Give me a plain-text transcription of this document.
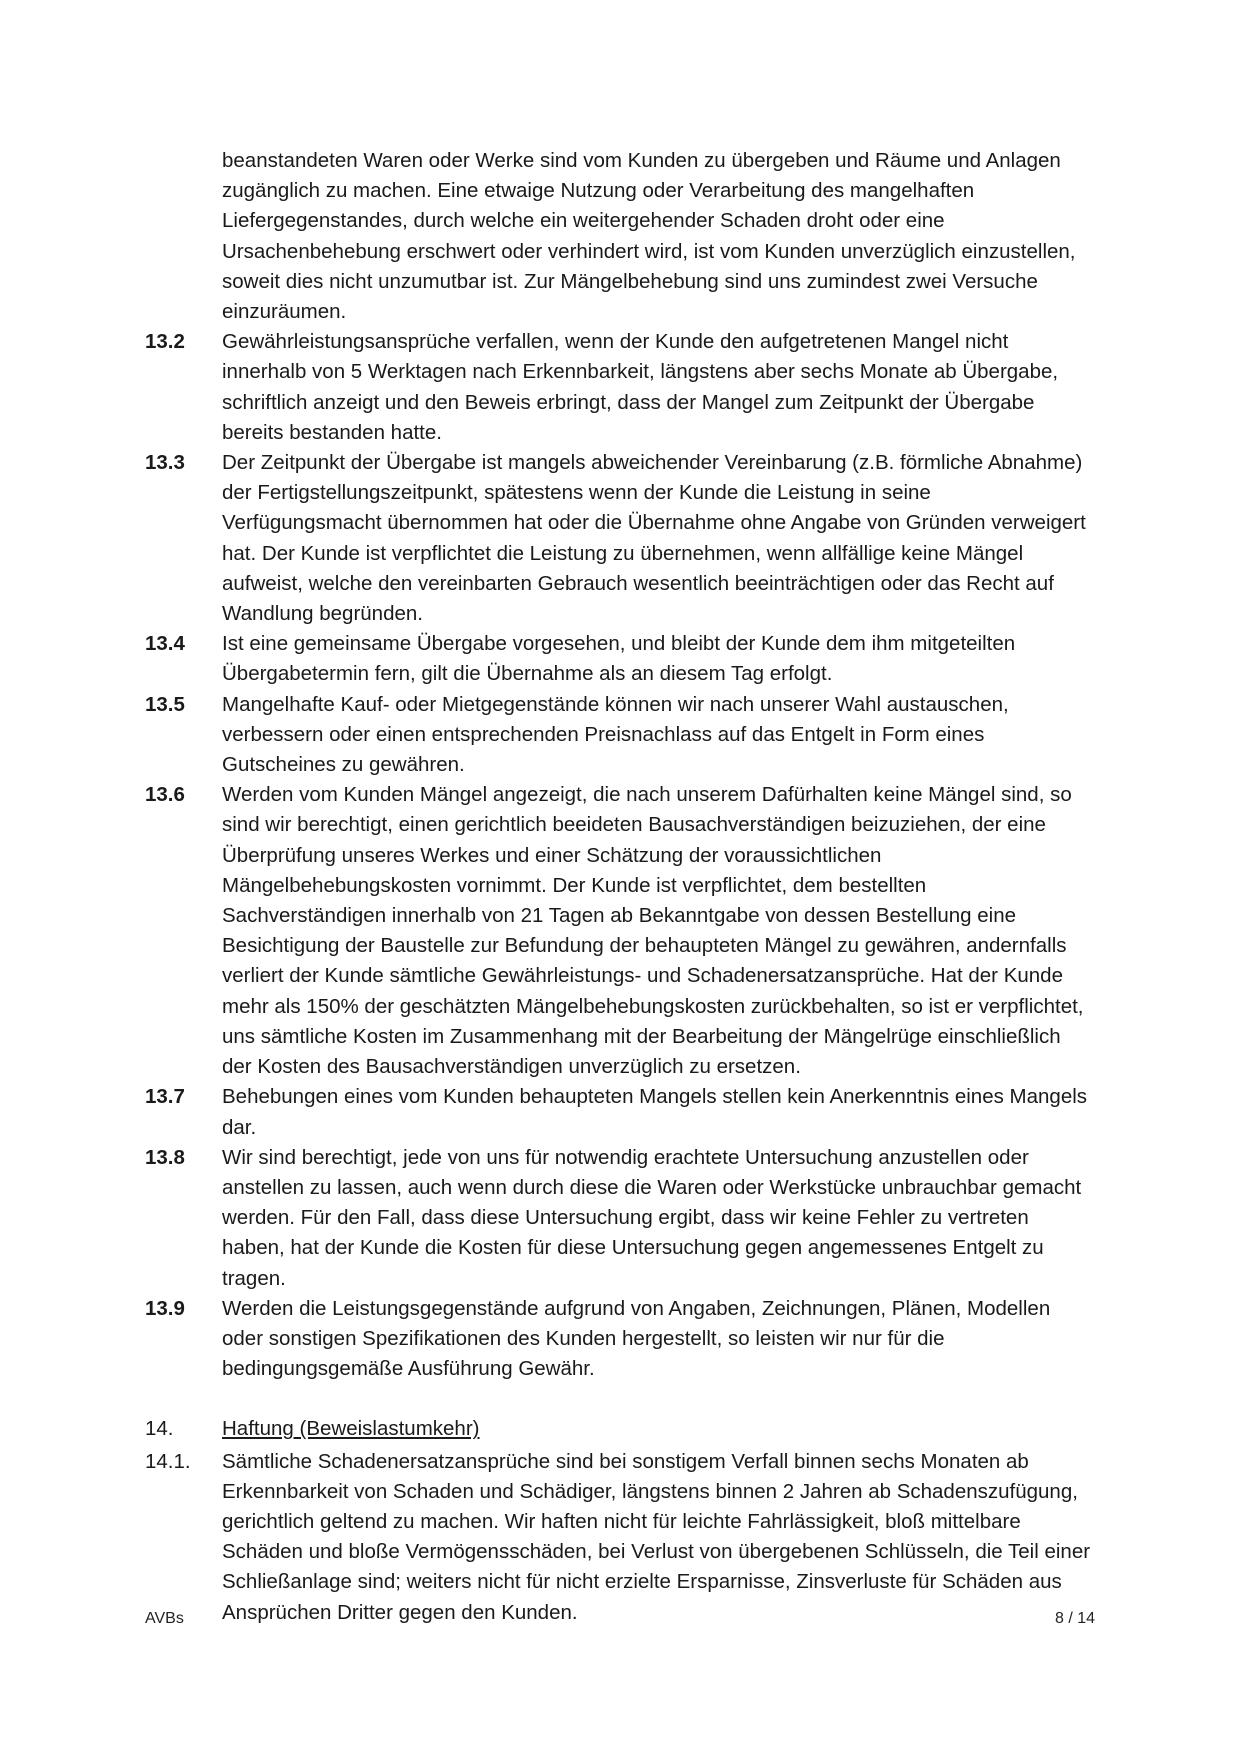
beanstandeten Waren oder Werke sind vom Kunden zu übergeben und Räume und Anlagen zugänglich zu machen. Eine etwaige Nutzung oder Verarbeitung des mangelhaften Liefergegenstandes, durch welche ein weitergehender Schaden droht oder eine Ursachenbehebung erschwert oder verhindert wird, ist vom Kunden unverzüglich einzustellen, soweit dies nicht unzumutbar ist. Zur Mängelbehebung sind uns zumindest zwei Versuche einzuräumen.

13.2	Gewährleistungsansprüche verfallen, wenn der Kunde den aufgetretenen Mangel nicht innerhalb von 5 Werktagen nach Erkennbarkeit, längstens aber sechs Monate ab Übergabe, schriftlich anzeigt und den Beweis erbringt, dass der Mangel zum Zeitpunkt der Übergabe bereits bestanden hatte.

13.3	Der Zeitpunkt der Übergabe ist mangels abweichender Vereinbarung (z.B. förmliche Abnahme) der Fertigstellungszeitpunkt, spätestens wenn der Kunde die Leistung in seine Verfügungsmacht übernommen hat oder die Übernahme ohne Angabe von Gründen verweigert hat. Der Kunde ist verpflichtet die Leistung zu übernehmen, wenn allfällige keine Mängel aufweist, welche den vereinbarten Gebrauch wesentlich beeinträchtigen oder das Recht auf Wandlung begründen.

13.4	Ist eine gemeinsame Übergabe vorgesehen, und bleibt der Kunde dem ihm mitgeteilten Übergabetermin fern, gilt die Übernahme als an diesem Tag erfolgt.

13.5	Mangelhafte Kauf- oder Mietgegenstände können wir nach unserer Wahl austauschen, verbessern oder einen entsprechenden Preisnachlass auf das Entgelt in Form eines Gutscheines zu gewähren.

13.6	Werden vom Kunden Mängel angezeigt, die nach unserem Dafürhalten keine Mängel sind, so sind wir berechtigt, einen gerichtlich beeideten Bausachverständigen beizuziehen, der eine Überprüfung unseres Werkes und einer Schätzung der voraussichtlichen Mängelbehebungskosten vornimmt. Der Kunde ist verpflichtet, dem bestellten Sachverständigen innerhalb von 21 Tagen ab Bekanntgabe von dessen Bestellung eine Besichtigung der Baustelle zur Befundung der behaupteten Mängel zu gewähren, andernfalls verliert der Kunde sämtliche Gewährleistungs- und Schadenersatzansprüche. Hat der Kunde mehr als 150% der geschätzten Mängelbehebungskosten zurückbehalten, so ist er verpflichtet, uns sämtliche Kosten im Zusammenhang mit der Bearbeitung der Mängelrüge einschließlich der Kosten des Bausachverständigen unverzüglich zu ersetzen.

13.7	Behebungen eines vom Kunden behaupteten Mangels stellen kein Anerkenntnis eines Mangels dar.

13.8	Wir sind berechtigt, jede von uns für notwendig erachtete Untersuchung anzustellen oder anstellen zu lassen, auch wenn durch diese die Waren oder Werkstücke unbrauchbar gemacht werden. Für den Fall, dass diese Untersuchung ergibt, dass wir keine Fehler zu vertreten haben, hat der Kunde die Kosten für diese Untersuchung gegen angemessenes Entgelt zu tragen.

13.9	Werden die Leistungsgegenstände aufgrund von Angaben, Zeichnungen, Plänen, Modellen oder sonstigen Spezifikationen des Kunden hergestellt, so leisten wir nur für die bedingungsgemäße Ausführung Gewähr.

14.	Haftung (Beweislastumkehr)

14.1.	Sämtliche Schadenersatzansprüche sind bei sonstigem Verfall binnen sechs Monaten ab Erkennbarkeit von Schaden und Schädiger, längstens binnen 2 Jahren ab Schadenszufügung, gerichtlich geltend zu machen. Wir haften nicht für leichte Fahrlässigkeit, bloß mittelbare Schäden und bloße Vermögensschäden, bei Verlust von übergebenen Schlüsseln, die Teil einer Schließanlage sind; weiters nicht für nicht erzielte Ersparnisse, Zinsverluste für Schäden aus Ansprüchen Dritter gegen den Kunden.

AVBs	8 / 14
